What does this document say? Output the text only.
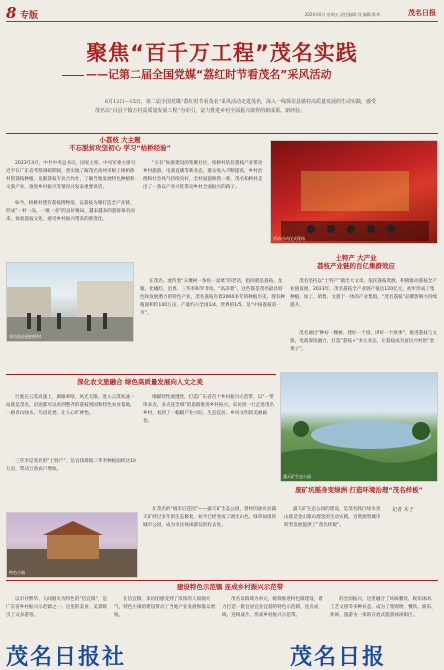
8 专版	2024年6月 星期五 责任编辑:刘 编辑:陈华	茂名日报
聚焦“百千万工程”茂名实践
——记第二届全国党媒“荔红时节看茂名”采风活动
6月12日—15日，第二届全国党媒“荔红时节看茂名”采风活动走进茂名，深入一线探访县镇村高质量发展的生动实践，感受茂名以“百县千镇万村高质量发展工程”为牵引，奋力推进乡村全面振兴取得的新成果、新经验。
小荔枝 大主题
不忘脱贫攻坚初心 学习“枯桥经验”
2023年4月，中共中央总书记、国家主席、中央军委主席习近平在广东省考察调研期间，曾实地了解茂名高州市根子镇柏桥村的荔枝种植、龙眼荔枝专业合作社，了解当地发展特色种植和文旅产业、推进乡村振兴等情况并发表重要讲话。
如今，柏桥村建有荔枝博物馆，以荔枝为媒打造全产业链，形成“一村一品、一镇一业”的良好格局，越来越多的游客慕名而来，体验荔枝文化，感受乡村振兴带来的新变化。
“五有”标准建设的集聚社区，柏桥村依托荔枝产业带动乡村旅游、电商直播等新业态，群众收入不断提高，乡村治理和社会风气持续向好，全村面貌焕然一新，茂名柏桥村走出了一条以产业兴旺带动乡村全面振兴的路子。
活动启动仪式现场
采访团走进柏桥村
土特产 大产业
荔枝产业链的百亿集群效应
在茂名，流传着“五棵树一条鱼一桌菜”的老话，指的就是荔枝、龙眼、化橘红、沉香、三华李和罗非鱼。“高凉菜”。这些都是茂名最具特色和发展潜力的特色产业。茂名荔枝有着2000多年的种植历史，现有种植面积约140万亩，产量约占全国1/4、世界的1/5，是“中国荔枝第一市”。
茂名坚持以“土特产”做出大文章，依托荔枝资源，积极推动荔枝全产业链发展，2023年，茂名荔枝全产业链产值达120亿元，初步形成了集种植、加工、销售、文旅于一体的产业集群，“茂名荔枝”品牌影响力持续提升。
茂名通过“种好一棵树、建好一个园、讲好一个故事”，推进荔枝与文旅、电商深度融合，打造“荔枝+”多元业态，让荔枝成为富民兴村的“金果子”。
深化农文旅融合 绿色高质量发展向人文之美
行驶在云茂高速上，满眼翠绿，风光无限。进入云茂高速一站就是茂名，沿途都可以看到整齐的荔枝果园和特色农业基地，一路青山绿水、鸟语花香，让人心旷神怡。
三华李是茂名的“土特产”，信宜钱排镇三华李种植面积达10万亩，带动万余农户增收。
细腻特性通透性，打造广东省首个乡村振兴示范带，以“一带串多点、多点连全域”的思路推进乡村振兴。采访团一行走进茂名乡村，看到了一幅幅产业兴旺、生态宜居、乡风文明的美丽画卷。
露天矿生态公园
废矿坑摇身变绿洲 打造环境治理“茂名样板”
在茂名的“城市后花园”——露天矿生态公园，曾经的油页岩露天矿经过多年的生态修复，如今已经变成了湖光山色、绿草如茵的城市公园，成为市民休闲游玩的好去处。
露天矿生态公园的建设，是茂名践行绿水青山就是金山银山理念的生动实践，为资源型城市转型发展提供了“茂名样板”。
记者 木子
特色小镇
建设特色示范镇 连成乡村振兴示范带
以市井繁华、人间烟火为特色的“信宜镇”，是广东省乡村振兴示范镇之一。这里的美食、美景吸引了众多游客。
在信宜镇，采访团感受到了浓浓的人间烟火气，特色小镇的建设带动了当地产业发展和群众增收。
茂名以镇域为单元，统筹推进特色镇建设，着力打造一批宜居宜业宜游的特色示范镇，连点成线、连线成片，形成乡村振兴示范带。
的全面振兴，这里融合了风味餐饮、娱乐休闲、工艺文创等多种业态，成为了集购物、餐饮、娱乐、休闲、旅游为一体的开放式旅游休闲街区。
茂名日报社	茂名日报
